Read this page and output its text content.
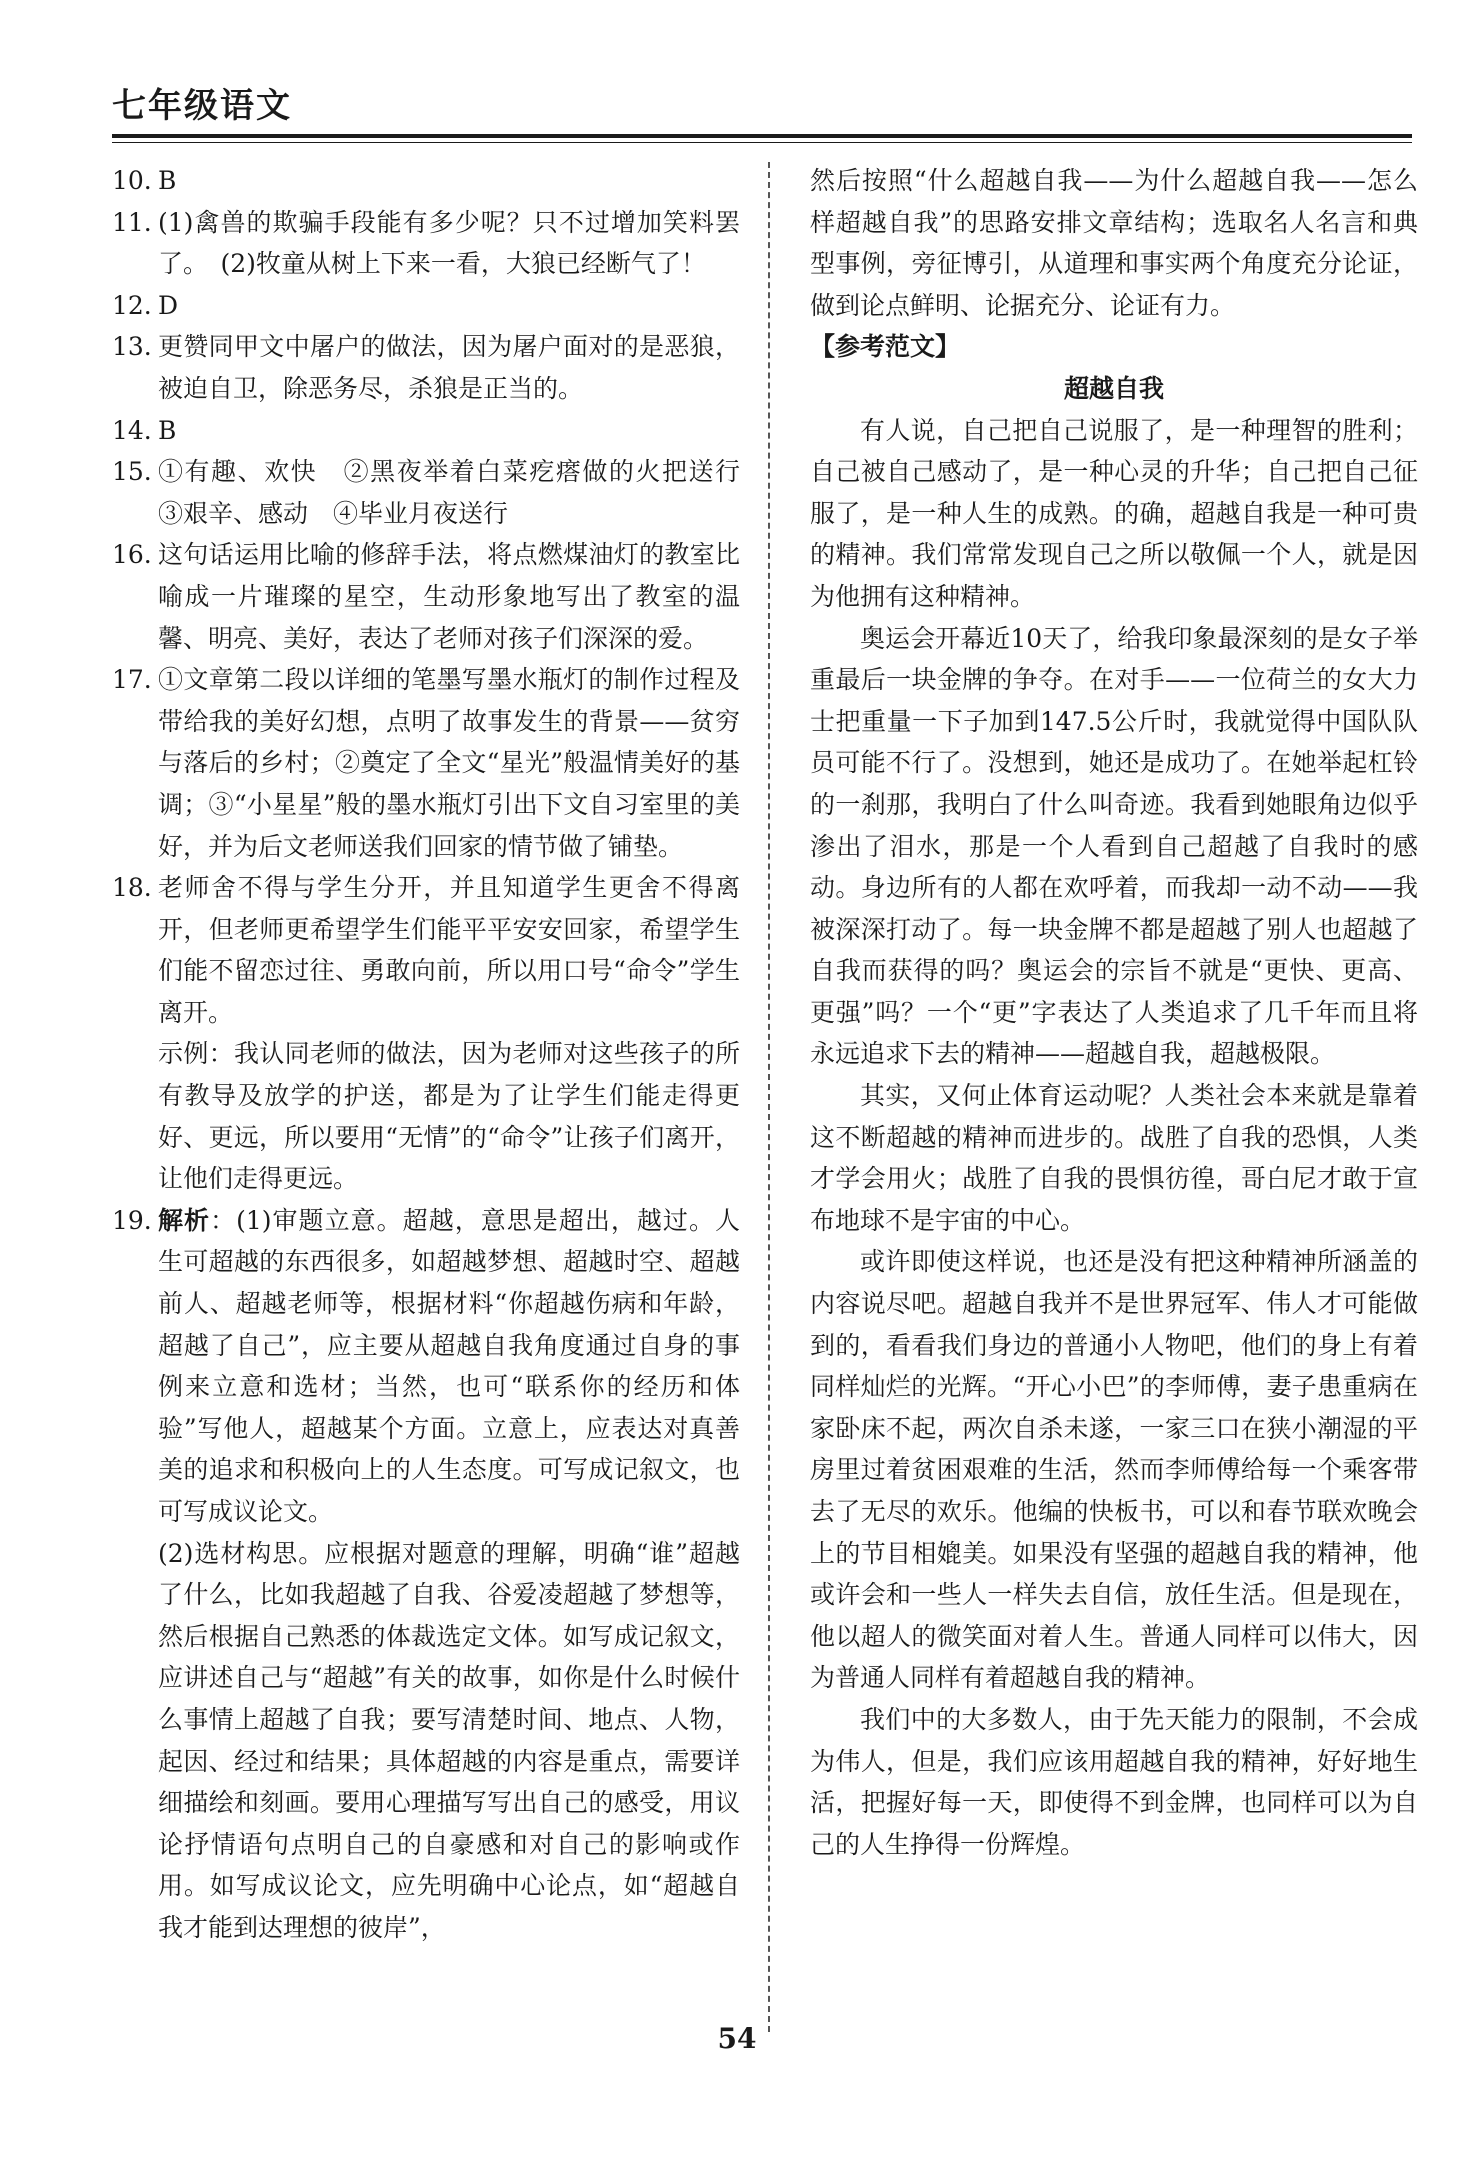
七年级语文
10. B
11. (1)禽兽的欺骗手段能有多少呢？只不过增加笑料罢了。　(2)牧童从树上下来一看，大狼已经断气了！
12. D
13. 更赞同甲文中屠户的做法，因为屠户面对的是恶狼，被迫自卫，除恶务尽，杀狼是正当的。
14. B
15. ①有趣、欢快　②黑夜举着白菜疙瘩做的火把送行　③艰辛、感动　④毕业月夜送行
16. 这句话运用比喻的修辞手法，将点燃煤油灯的教室比喻成一片璀璨的星空，生动形象地写出了教室的温馨、明亮、美好，表达了老师对孩子们深深的爱。
17. ①文章第二段以详细的笔墨写墨水瓶灯的制作过程及带给我的美好幻想，点明了故事发生的背景——贫穷与落后的乡村；②奠定了全文“星光”般温情美好的基调；③“小星星”般的墨水瓶灯引出下文自习室里的美好，并为后文老师送我们回家的情节做了铺垫。
18. 老师舍不得与学生分开，并且知道学生更舍不得离开，但老师更希望学生们能平平安安回家，希望学生们能不留恋过往、勇敢向前，所以用口号“命令”学生离开。
示例：我认同老师的做法，因为老师对这些孩子的所有教导及放学的护送，都是为了让学生们能走得更好、更远，所以要用“无情”的“命令”让孩子们离开，让他们走得更远。
19. 解析：(1)审题立意。超越，意思是超出，越过。人生可超越的东西很多，如超越梦想、超越时空、超越前人、超越老师等，根据材料“你超越伤病和年龄，超越了自己”，应主要从超越自我角度通过自身的事例来立意和选材；当然，也可“联系你的经历和体验”写他人，超越某个方面。立意上，应表达对真善美的追求和积极向上的人生态度。可写成记叙文，也可写成议论文。
(2)选材构思。应根据对题意的理解，明确“谁”超越了什么，比如我超越了自我、谷爱凌超越了梦想等，然后根据自己熟悉的体裁选定文体。如写成记叙文，应讲述自己与“超越”有关的故事，如你是什么时候什么事情上超越了自我；要写清楚时间、地点、人物，起因、经过和结果；具体超越的内容是重点，需要详细描绘和刻画。要用心理描写写出自己的感受，用议论抒情语句点明自己的自豪感和对自己的影响或作用。如写成议论文，应先明确中心论点，如“超越自我才能到达理想的彼岸”，
然后按照“什么超越自我——为什么超越自我——怎么样超越自我”的思路安排文章结构；选取名人名言和典型事例，旁征博引，从道理和事实两个角度充分论证，做到论点鲜明、论据充分、论证有力。
【参考范文】
超越自我
有人说，自己把自己说服了，是一种理智的胜利；自己被自己感动了，是一种心灵的升华；自己把自己征服了，是一种人生的成熟。的确，超越自我是一种可贵的精神。我们常常发现自己之所以敬佩一个人，就是因为他拥有这种精神。
奥运会开幕近10天了，给我印象最深刻的是女子举重最后一块金牌的争夺。在对手——一位荷兰的女大力士把重量一下子加到147.5公斤时，我就觉得中国队队员可能不行了。没想到，她还是成功了。在她举起杠铃的一刹那，我明白了什么叫奇迹。我看到她眼角边似乎渗出了泪水，那是一个人看到自己超越了自我时的感动。身边所有的人都在欢呼着，而我却一动不动——我被深深打动了。每一块金牌不都是超越了别人也超越了自我而获得的吗？奥运会的宗旨不就是“更快、更高、更强”吗？一个“更”字表达了人类追求了几千年而且将永远追求下去的精神——超越自我，超越极限。
其实，又何止体育运动呢？人类社会本来就是靠着这不断超越的精神而进步的。战胜了自我的恐惧，人类才学会用火；战胜了自我的畏惧彷徨，哥白尼才敢于宣布地球不是宇宙的中心。
或许即使这样说，也还是没有把这种精神所涵盖的内容说尽吧。超越自我并不是世界冠军、伟人才可能做到的，看看我们身边的普通小人物吧，他们的身上有着同样灿烂的光辉。“开心小巴”的李师傅，妻子患重病在家卧床不起，两次自杀未遂，一家三口在狭小潮湿的平房里过着贫困艰难的生活，然而李师傅给每一个乘客带去了无尽的欢乐。他编的快板书，可以和春节联欢晚会上的节目相媲美。如果没有坚强的超越自我的精神，他或许会和一些人一样失去自信，放任生活。但是现在，他以超人的微笑面对着人生。普通人同样可以伟大，因为普通人同样有着超越自我的精神。
我们中的大多数人，由于先天能力的限制，不会成为伟人，但是，我们应该用超越自我的精神，好好地生活，把握好每一天，即使得不到金牌，也同样可以为自己的人生挣得一份辉煌。
54
